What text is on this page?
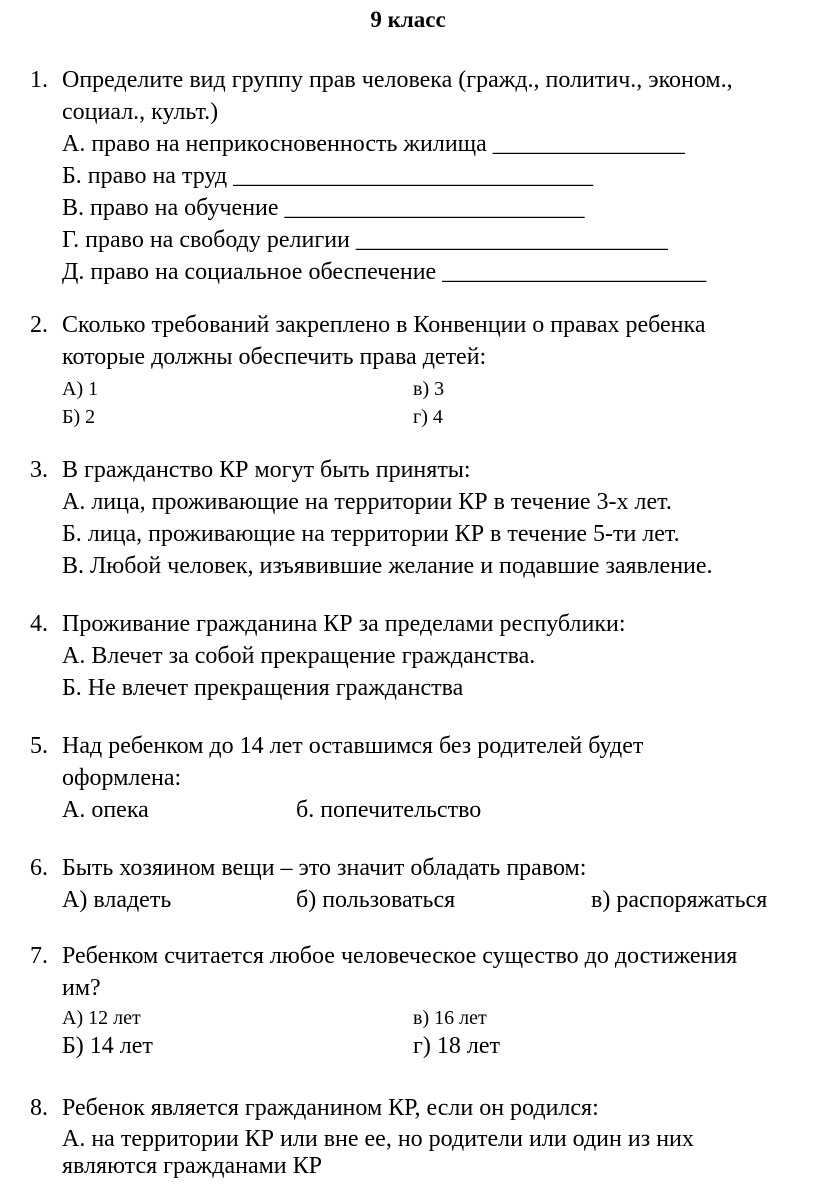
9 класс
1. Определите вид группу прав человека (гражд., политич., эконом.,
социал., культ.)
А. право на неприкосновенность жилища ________________
Б. право на труд ______________________________
В. право на обучение _________________________
Г. право на свободу религии __________________________
Д. право на социальное обеспечение ______________________
2. Сколько требований закреплено в Конвенции о правах ребенка
которые должны обеспечить права детей:
А) 1	в) 3
Б) 2	г) 4
3. В гражданство КР могут быть приняты:
А. лица, проживающие на территории КР в течение 3-х лет.
Б. лица, проживающие на территории КР в течение 5-ти лет.
В. Любой человек, изъявившие желание и подавшие заявление.
4. Проживание гражданина КР за пределами республики:
А. Влечет за собой прекращение гражданства.
Б. Не влечет прекращения гражданства
5. Над ребенком до 14 лет оставшимся без родителей будет
оформлена:
А. опека	б. попечительство
6. Быть хозяином вещи – это значит обладать правом:
А) владеть	б) пользоваться	в) распоряжаться
7. Ребенком считается любое человеческое существо до достижения
им?
А) 12 лет	в) 16 лет
Б) 14 лет	г) 18 лет
8. Ребенок является гражданином КР, если он родился:
А. на территории КР или вне ее, но родители или один из них
являются гражданами КР
